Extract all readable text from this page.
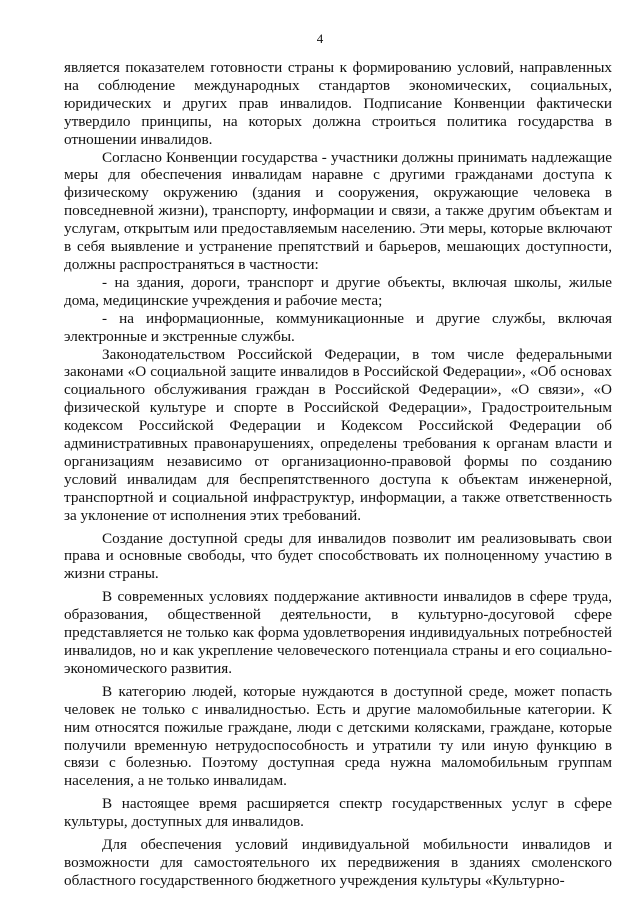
4

является показателем готовности страны к формированию условий, направленных на соблюдение международных стандартов экономических, социальных, юридических и других прав инвалидов. Подписание Конвенции фактически утвердило принципы, на которых должна строиться политика государства в отношении инвалидов.

Согласно Конвенции государства - участники должны принимать надлежащие меры для обеспечения инвалидам наравне с другими гражданами доступа к физическому окружению (здания и сооружения, окружающие человека в повседневной жизни), транспорту, информации и связи, а также другим объектам и услугам, открытым или предоставляемым населению. Эти меры, которые включают в себя выявление и устранение препятствий и барьеров, мешающих доступности, должны распространяться в частности:

- на здания, дороги, транспорт и другие объекты, включая школы, жилые дома, медицинские учреждения и рабочие места;

- на информационные, коммуникационные и другие службы, включая электронные и экстренные службы.

Законодательством Российской Федерации, в том числе федеральными законами «О социальной защите инвалидов в Российской Федерации», «Об основах социального обслуживания граждан в Российской Федерации», «О связи», «О физической культуре и спорте в Российской Федерации», Градостроительным кодексом Российской Федерации и Кодексом Российской Федерации об административных правонарушениях, определены требования к органам власти и организациям независимо от организационно-правовой формы по созданию условий инвалидам для беспрепятственного доступа к объектам инженерной, транспортной и социальной инфраструктур, информации, а также ответственность за уклонение от исполнения этих требований.

Создание доступной среды для инвалидов позволит им реализовывать свои права и основные свободы, что будет способствовать их полноценному участию в жизни страны.

В современных условиях поддержание активности инвалидов в сфере труда, образования, общественной деятельности, в культурно-досуговой сфере представляется не только как форма удовлетворения индивидуальных потребностей инвалидов, но и как укрепление человеческого потенциала страны и его социально-экономического развития.

В категорию людей, которые нуждаются в доступной среде, может попасть человек не только с инвалидностью. Есть и другие маломобильные категории. К ним относятся пожилые граждане, люди с детскими колясками, граждане, которые получили временную нетрудоспособность и утратили ту или иную функцию в связи с болезнью. Поэтому доступная среда нужна маломобильным группам населения, а не только инвалидам.

В настоящее время расширяется спектр государственных услуг в сфере культуры, доступных для инвалидов.

Для обеспечения условий индивидуальной мобильности инвалидов и возможности для самостоятельного их передвижения в зданиях смоленского областного государственного бюджетного учреждения культуры «Культурно-
